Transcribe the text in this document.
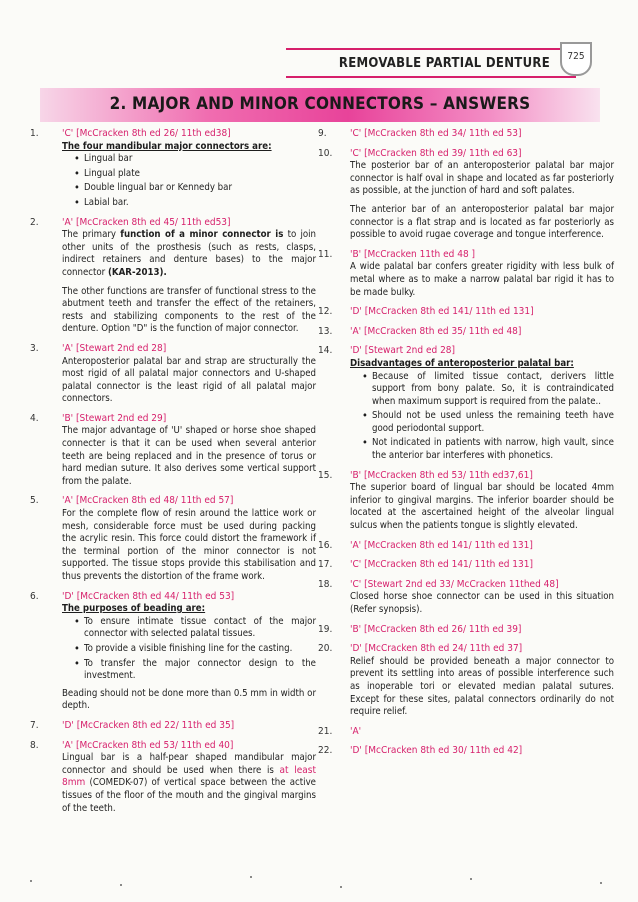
REMOVABLE PARTIAL DENTURE	725
2. MAJOR AND MINOR CONNECTORS – ANSWERS
1. 'C' [McCracken 8th ed 26/ 11th ed38]
The four mandibular major connectors are:
• Lingual bar
• Lingual plate
• Double lingual bar or Kennedy bar
• Labial bar.
2. 'A' [McCracken 8th ed 45/ 11th ed53]

The primary function of a minor connector is to join other units of the prosthesis (such as rests, clasps, indirect retainers and denture bases) to the major connector (KAR-2013).

The other functions are transfer of functional stress to the abutment teeth and transfer the effect of the retainers, rests and stabilizing components to the rest of the denture. Option "D" is the function of major connector.

3. 'A' [Stewart 2nd ed 28]

Anteroposterior palatal bar and strap are structurally the most rigid of all palatal major connectors and U-shaped palatal connector is the least rigid of all palatal major connectors.

4. 'B' [Stewart 2nd ed 29]

The major advantage of 'U' shaped or horse shoe shaped connecter is that it can be used when several anterior teeth are being replaced and in the presence of torus or hard median suture. It also derives some vertical support from the palate.

5. 'A' [McCracken 8th ed 48/ 11th ed 57]

For the complete flow of resin around the lattice work or mesh, considerable force must be used during packing the acrylic resin. This force could distort the framework if the terminal portion of the minor connector is not supported. The tissue stops provide this stabilisation and thus prevents the distortion of the frame work.

6. 'D' [McCracken 8th ed 44/ 11th ed 53]
The purposes of beading are:
• To ensure intimate tissue contact of the major connector with selected palatal tissues.
• To provide a visible finishing line for the casting.
• To transfer the major connector design to the investment.

Beading should not be done more than 0.5 mm in width or depth.

7. 'D' [McCracken 8th ed 22/ 11th ed 35]
8. 'A' [McCracken 8th ed 53/ 11th ed 40]

Lingual bar is a half-pear shaped mandibular major connector and should be used when there is at least 8mm (COMEDK-07) of vertical space between the active tissues of the floor of the mouth and the gingival margins of the teeth.

9. 'C' [McCracken 8th ed 34/ 11th ed 53]
10. 'C' [McCracken 8th ed 39/ 11th ed 63]

The posterior bar of an anteroposterior palatal bar major connector is half oval in shape and located as far posteriorly as possible, at the junction of hard and soft palates.

The anterior bar of an anteroposterior palatal bar major connector is a flat strap and is located as far posteriorly as possible to avoid rugae coverage and tongue interference.

11. 'B' [McCracken 11th ed 48 ]

A wide palatal bar confers greater rigidity with less bulk of metal where as to make a narrow palatal bar rigid it has to be made bulky.

12. 'D' [McCracken 8th ed 141/ 11th ed 131]
13. 'A' [McCracken 8th ed 35/ 11th ed 48]
14. 'D' [Stewart 2nd ed 28]
Disadvantages of anteroposterior palatal bar:
• Because of limited tissue contact, derivers little support from bony palate. So, it is contraindicated when maximum support is required from the palate..
• Should not be used unless the remaining teeth have good periodontal support.
• Not indicated in patients with narrow, high vault, since the anterior bar interferes with phonetics.
15. 'B' [McCracken 8th ed 53/ 11th ed37,61]

The superior board of lingual bar should be located 4mm inferior to gingival margins. The inferior boarder should be located at the ascertained height of the alveolar lingual sulcus when the patients tongue is slightly elevated.

16. 'A' [McCracken 8th ed 141/ 11th ed 131]
17. 'C' [McCracken 8th ed 141/ 11th ed 131]
18. 'C' [Stewart 2nd ed 33/ McCracken 11thed 48]

Closed horse shoe connector can be used in this situation (Refer synopsis).

19. 'B' [McCracken 8th ed 26/ 11th ed 39]
20. 'D' [McCracken 8th ed 24/ 11th ed 37]

Relief should be provided beneath a major connector to prevent its settling into areas of possible interference such as inoperable tori or elevated median palatal sutures. Except for these sites, palatal connectors ordinarily do not require relief.

21. 'A'
22. 'D' [McCracken 8th ed 30/ 11th ed 42]
